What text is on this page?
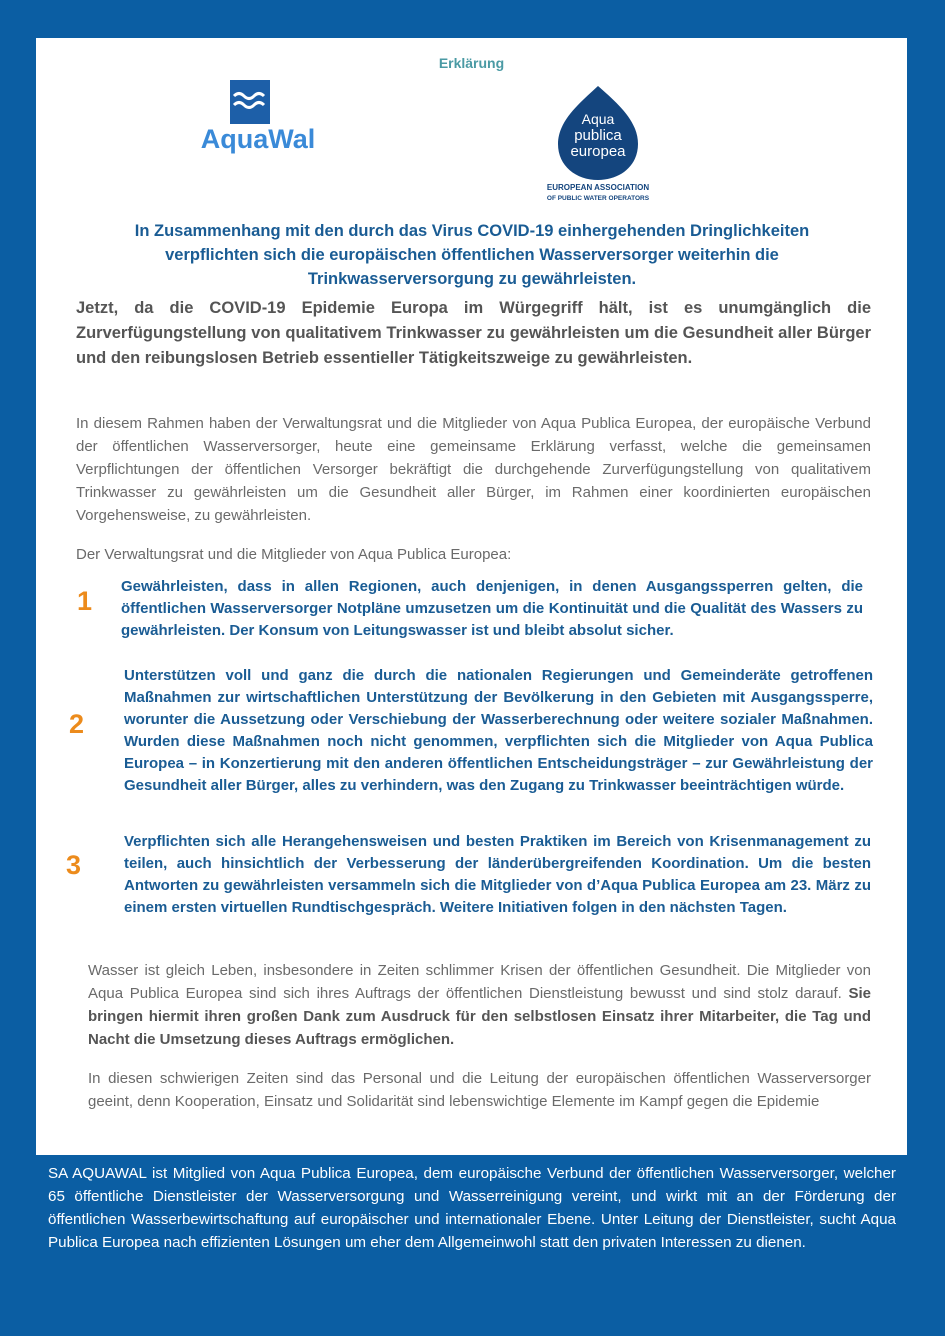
Erklärung
AquaWal
Aqua
publica
europea
EUROPEAN ASSOCIATION
OF PUBLIC WATER OPERATORS
In Zusammenhang mit den durch das Virus COVID-19 einhergehenden Dringlichkeiten verpflichten sich die europäischen öffentlichen Wasserversorger weiterhin die Trinkwasserversorgung zu gewährleisten.
Jetzt, da die COVID-19 Epidemie Europa im Würgegriff hält, ist es unumgänglich die Zurverfügungstellung von qualitativem Trinkwasser zu gewährleisten um die Gesundheit aller Bürger und den reibungslosen Betrieb essentieller Tätigkeitszweige zu gewährleisten.
In diesem Rahmen haben der Verwaltungsrat und die Mitglieder von Aqua Publica Europea, der europäische Verbund der öffentlichen Wasserversorger, heute eine gemeinsame Erklärung verfasst, welche die gemeinsamen Verpflichtungen der öffentlichen Versorger bekräftigt die durchgehende Zurverfügungstellung von qualitativem Trinkwasser zu gewährleisten um die Gesundheit aller Bürger, im Rahmen einer koordinierten europäischen Vorgehensweise, zu gewährleisten.
Der Verwaltungsrat und die Mitglieder von Aqua Publica Europea:
1 Gewährleisten, dass in allen Regionen, auch denjenigen, in denen Ausgangssperren gelten, die öffentlichen Wasserversorger Notpläne umzusetzen um die Kontinuität und die Qualität des Wassers zu gewährleisten. Der Konsum von Leitungswasser ist und bleibt absolut sicher.
2
Unterstützen voll und ganz die durch die nationalen Regierungen und Gemeinderäte getroffenen Maßnahmen zur wirtschaftlichen Unterstützung der Bevölkerung in den Gebieten mit Ausgangssperre, worunter die Aussetzung oder Verschiebung der Wasserberechnung oder weitere sozialer Maßnahmen. Wurden diese Maßnahmen noch nicht genommen, verpflichten sich die Mitglieder von Aqua Publica Europea – in Konzertierung mit den anderen öffentlichen Entscheidungsträger – zur Gewährleistung der Gesundheit aller Bürger, alles zu verhindern, was den Zugang zu Trinkwasser beeinträchtigen würde.
3
Verpflichten sich alle Herangehensweisen und besten Praktiken im Bereich von Krisenmanagement zu teilen, auch hinsichtlich der Verbesserung der länderübergreifenden Koordination. Um die besten Antworten zu gewährleisten versammeln sich die Mitglieder von d’Aqua Publica Europea am 23. März zu einem ersten virtuellen Rundtischgespräch. Weitere Initiativen folgen in den nächsten Tagen.
Wasser ist gleich Leben, insbesondere in Zeiten schlimmer Krisen der öffentlichen Gesundheit. Die Mitglieder von Aqua Publica Europea sind sich ihres Auftrags der öffentlichen Dienstleistung bewusst und sind stolz darauf. Sie bringen hiermit ihren großen Dank zum Ausdruck für den selbstlosen Einsatz ihrer Mitarbeiter, die Tag und Nacht die Umsetzung dieses Auftrags ermöglichen.
In diesen schwierigen Zeiten sind das Personal und die Leitung der europäischen öffentlichen Wasserversorger geeint, denn Kooperation, Einsatz und Solidarität sind lebenswichtige Elemente im Kampf gegen die Epidemie
SA AQUAWAL ist Mitglied von Aqua Publica Europea, dem europäische Verbund der öffentlichen Wasserversorger, welcher 65 öffentliche Dienstleister der Wasserversorgung und Wasserreinigung vereint, und wirkt mit an der Förderung der öffentlichen Wasserbewirtschaftung auf europäischer und internationaler Ebene. Unter Leitung der Dienstleister, sucht Aqua Publica Europea nach effizienten Lösungen um eher dem Allgemeinwohl statt den privaten Interessen zu dienen.
